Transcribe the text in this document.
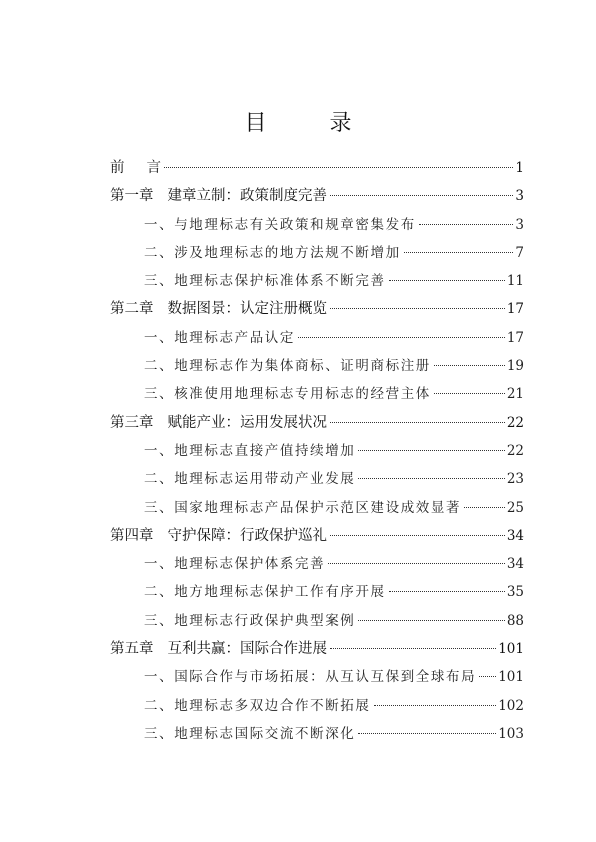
目 录
前 言	1
第一章 建章立制：政策制度完善	3
一、与地理标志有关政策和规章密集发布	3
二、涉及地理标志的地方法规不断增加	7
三、地理标志保护标准体系不断完善	11
第二章 数据图景：认定注册概览	17
一、地理标志产品认定	17
二、地理标志作为集体商标、证明商标注册	19
三、核准使用地理标志专用标志的经营主体	21
第三章 赋能产业：运用发展状况	22
一、地理标志直接产值持续增加	22
二、地理标志运用带动产业发展	23
三、国家地理标志产品保护示范区建设成效显著	25
第四章 守护保障：行政保护巡礼	34
一、地理标志保护体系完善	34
二、地方地理标志保护工作有序开展	35
三、地理标志行政保护典型案例	88
第五章 互利共赢：国际合作进展	101
一、国际合作与市场拓展：从互认互保到全球布局 101
二、地理标志多双边合作不断拓展	102
三、地理标志国际交流不断深化	103
